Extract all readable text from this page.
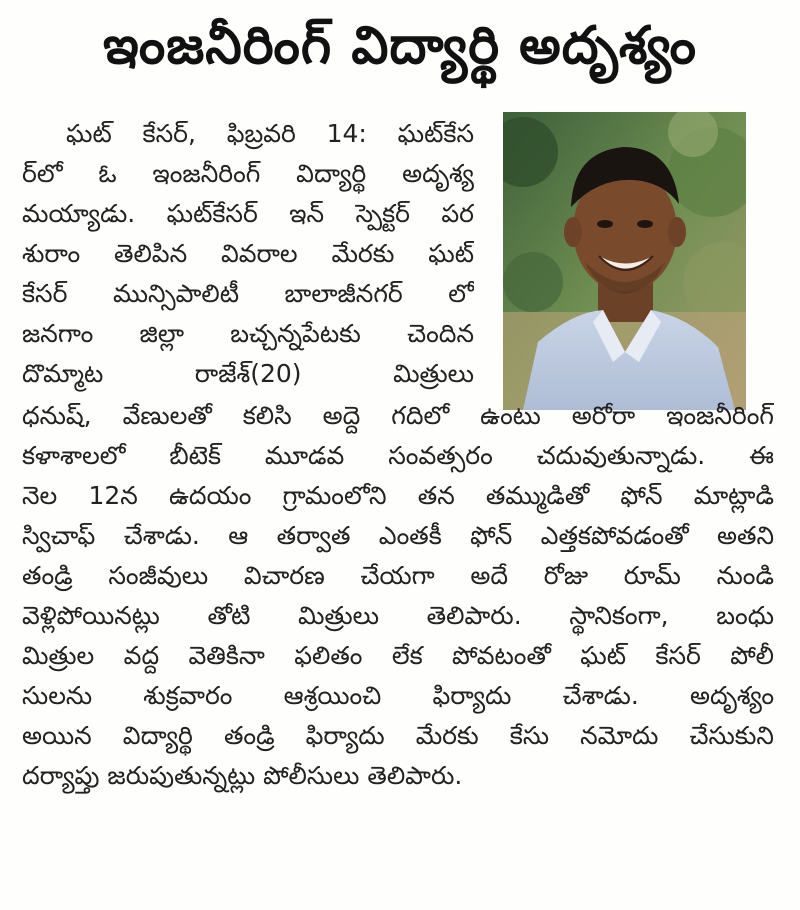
ఇంజనీరింగ్ విద్యార్థి అదృశ్యం
ఘట్ కేసర్, ఫిబ్రవరి 14: ఘట్‌కేస
ర్‌లో ఓ ఇంజనీరింగ్ విద్యార్థి అదృశ్య
మయ్యాడు. ఘట్‌కేసర్ ఇన్ స్పెక్టర్ పర
శురాం తెలిపిన వివరాల మేరకు ఘట్
కేసర్ మున్సిపాలిటీ బాలాజీనగర్ లో
జనగాం జిల్లా బచ్చన్నపేటకు చెందిన
దొమ్మాట రాజేశ్(20) మిత్రులు
ధనుష్, వేణులతో కలిసి అద్దె గదిలో ఉంటు అరోరా ఇంజనీరింగ్
కళాశాలలో బీటెక్ మూడవ సంవత్సరం చదువుతున్నాడు. ఈ
నెల 12న ఉదయం గ్రామంలోని తన తమ్ముడితో ఫోన్ మాట్లాడి
స్విచాఫ్ చేశాడు. ఆ తర్వాత ఎంతకీ ఫోన్ ఎత్తకపోవడంతో అతని
తండ్రి సంజీవులు విచారణ చేయగా అదే రోజు రూమ్ నుండి
వెళ్లిపోయినట్లు తోటి మిత్రులు తెలిపారు. స్థానికంగా, బంధు
మిత్రుల వద్ద వెతికినా ఫలితం లేక పోవటంతో ఘట్ కేసర్ పోలీ
సులను శుక్రవారం ఆశ్రయించి ఫిర్యాదు చేశాడు. అదృశ్యం
అయిన విద్యార్థి తండ్రి ఫిర్యాదు మేరకు కేసు నమోదు చేసుకుని
దర్యాప్తు జరుపుతున్నట్లు పోలీసులు తెలిపారు.
